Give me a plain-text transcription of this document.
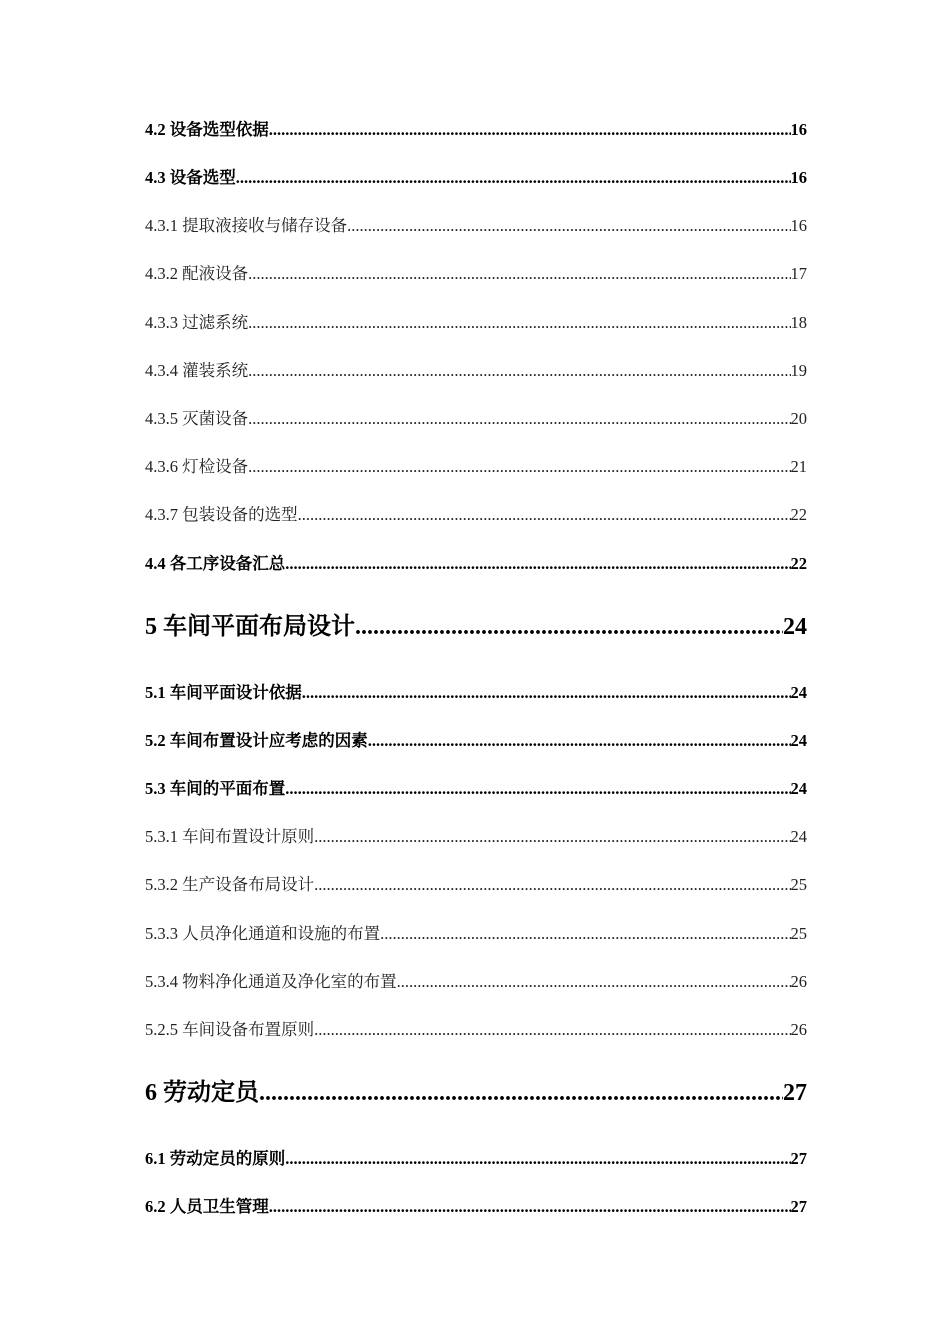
4.2 设备选型依据 .....	16
4.3 设备选型 .....	16
4.3.1 提取液接收与储存设备 .....	16
4.3.2 配液设备 .....	17
4.3.3 过滤系统 .....	18
4.3.4 灌装系统 .....	19
4.3.5 灭菌设备 .....	20
4.3.6 灯检设备 .....	21
4.3.7 包装设备的选型 .....	22
4.4 各工序设备汇总 .....	22
5 车间平面布局设计 .....	24
5.1 车间平面设计依据 .....	24
5.2 车间布置设计应考虑的因素 .....	24
5.3 车间的平面布置 .....	24
5.3.1 车间布置设计原则 .....	24
5.3.2 生产设备布局设计 .....	25
5.3.3 人员净化通道和设施的布置 .....	25
5.3.4 物料净化通道及净化室的布置 .....	26
5.2.5 车间设备布置原则 .....	26
6 劳动定员 .....	27
6.1 劳动定员的原则 .....	27
6.2 人员卫生管理 .....	27
